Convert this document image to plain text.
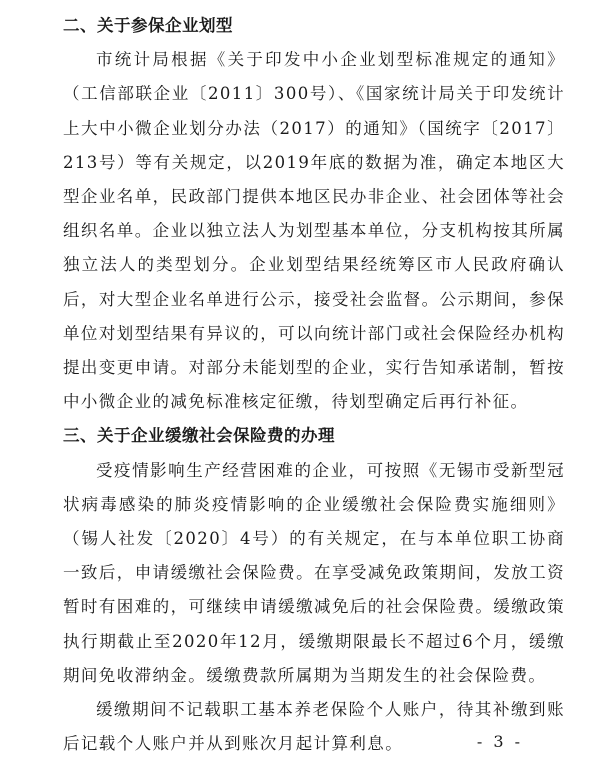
二、关于参保企业划型

市统计局根据《关于印发中小企业划型标准规定的通知》（工信部联企业〔2011〕300号）、《国家统计局关于印发统计上大中小微企业划分办法（2017）的通知》（国统字〔2017〕213号）等有关规定，以2019年底的数据为准，确定本地区大型企业名单，民政部门提供本地区民办非企业、社会团体等社会组织名单。企业以独立法人为划型基本单位，分支机构按其所属独立法人的类型划分。企业划型结果经统筹区市人民政府确认后，对大型企业名单进行公示，接受社会监督。公示期间，参保单位对划型结果有异议的，可以向统计部门或社会保险经办机构提出变更申请。对部分未能划型的企业，实行告知承诺制，暂按中小微企业的减免标准核定征缴，待划型确定后再行补征。

三、关于企业缓缴社会保险费的办理

受疫情影响生产经营困难的企业，可按照《无锡市受新型冠状病毒感染的肺炎疫情影响的企业缓缴社会保险费实施细则》（锡人社发〔2020〕4号）的有关规定，在与本单位职工协商一致后，申请缓缴社会保险费。在享受减免政策期间，发放工资暂时有困难的，可继续申请缓缴减免后的社会保险费。缓缴政策执行期截止至2020年12月，缓缴期限最长不超过6个月，缓缴期间免收滞纳金。缓缴费款所属期为当期发生的社会保险费。

缓缴期间不记载职工基本养老保险个人账户，待其补缴到账后记载个人账户并从到账次月起计算利息。	- 3 -
